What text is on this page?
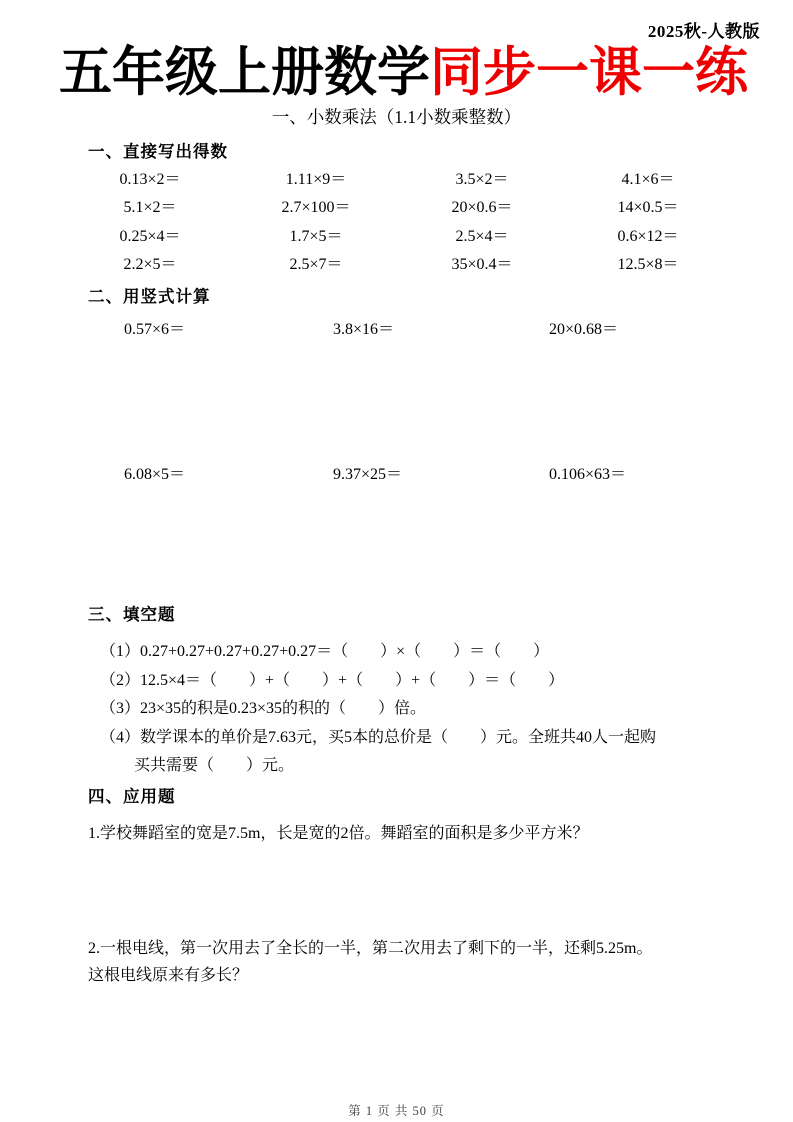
2025秋-人教版
五年级上册数学同步一课一练
一、小数乘法（1.1小数乘整数）
一、直接写出得数
0.13×2＝	1.11×9＝	3.5×2＝	4.1×6＝
5.1×2＝	2.7×100＝	20×0.6＝	14×0.5＝
0.25×4＝	1.7×5＝	2.5×4＝	0.6×12＝
2.2×5＝	2.5×7＝	35×0.4＝	12.5×8＝
二、用竖式计算
0.57×6＝	3.8×16＝	20×0.68＝
6.08×5＝	9.37×25＝	0.106×63＝
三、填空题
（1）0.27+0.27+0.27+0.27+0.27＝（　　）×（　　）＝（　　）
（2）12.5×4＝（　　）+（　　）+（　　）+（　　）＝（　　）
（3）23×35的积是0.23×35的积的（　　）倍。
（4）数学课本的单价是7.63元，买5本的总价是（　　）元。全班共40人一起购
买共需要（　　）元。
四、应用题
1.学校舞蹈室的宽是7.5m，长是宽的2倍。舞蹈室的面积是多少平方米？
2.一根电线，第一次用去了全长的一半，第二次用去了剩下的一半，还剩5.25m。
这根电线原来有多长？
第 1 页 共 50 页
